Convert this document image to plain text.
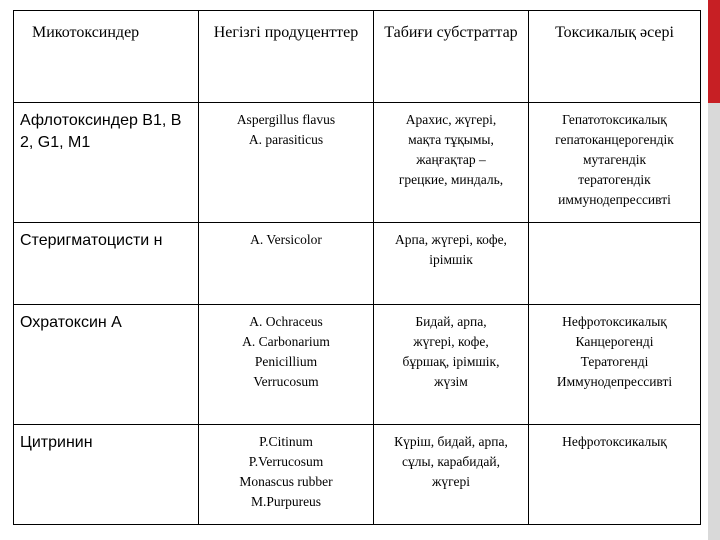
Микотоксиндер	Негізгі продуценттер	Табиғи субстраттар	Токсикалық әсері

Афлотоксиндер В1, В2, G1, M1	Aspergillus flavus
A. parasiticus	Арахис, жүгері,
мақта тұқымы,
жаңғақтар –
грецкие, миндаль,	Гепатотоксикалық
гепатоканцерогендік
мутагендік
тератогендік
иммунодепрессивті

Стеригматоцисти н	A. Versicolor	Арпа, жүгері, кофе,
ірімшік	

Охратоксин А	A. Ochraceus
A. Carbonarium
Penicillium
Verrucosum	Бидай, арпа,
жүгері, кофе,
бұршақ, ірімшік,
жүзім	Нефротоксикалық
Канцерогенді
Тератогенді
Иммунодепрессивті

Цитринин	P.Citinum
P.Verrucosum
Monascus rubber
M.Purpureus	Күріш, бидай, арпа,
сұлы, карабидай,
жүгері	Нефротоксикалық
